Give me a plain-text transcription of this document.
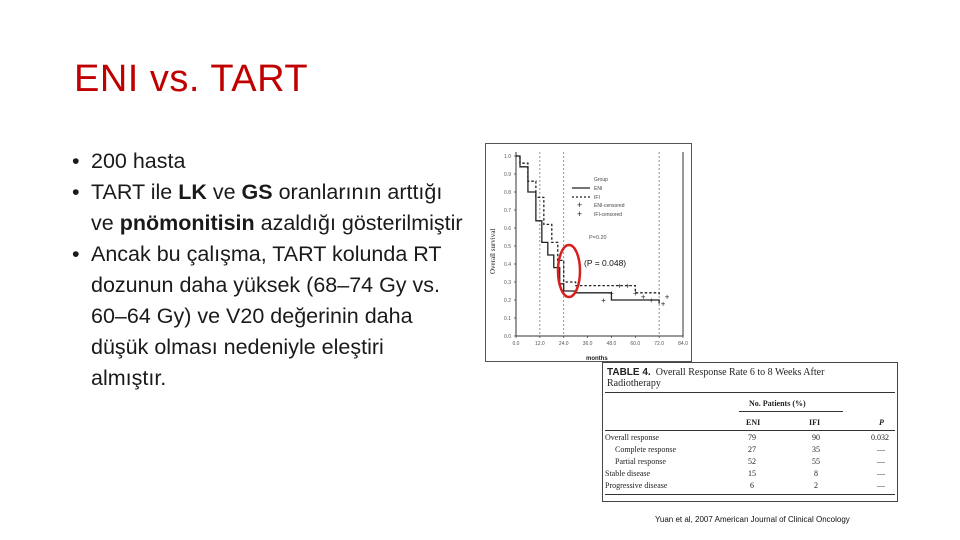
ENI vs. TART
• 200 hasta
• TART ile LK ve GS oranlarının arttığı ve pnömonitisin azaldığı gösterilmiştir
• Ancak bu çalışma, TART kolunda RT dozunun daha yüksek (68–74 Gy vs. 60–64 Gy) ve V20 değerinin daha düşük olması nedeniyle eleştiri almıştır.
1.0
0.9
0.8
0.7
0.6
0.5
0.4
0.3
0.2
0.1
0.0
0.0	12.0	24.0	36.0	48.0	60.0	72.0	84.0
+
+
+ +
+ + + +
+
Overall survival
months
Group
ENI
IFI
+ ENI-censored
+ IFI-censored
P=0.20
(P = 0.048)
TABLE 4. Overall Response Rate 6 to 8 Weeks After
Radiotherapy
No. Patients (%)
ENI	IFI	P
Overall response	79	90	0.032
Complete response	27	35	—
Partial response	52	55	—
Stable disease	15	8	—
Progressive disease	6	2	—
Yuan et al, 2007 American Journal of Clinical Oncology
